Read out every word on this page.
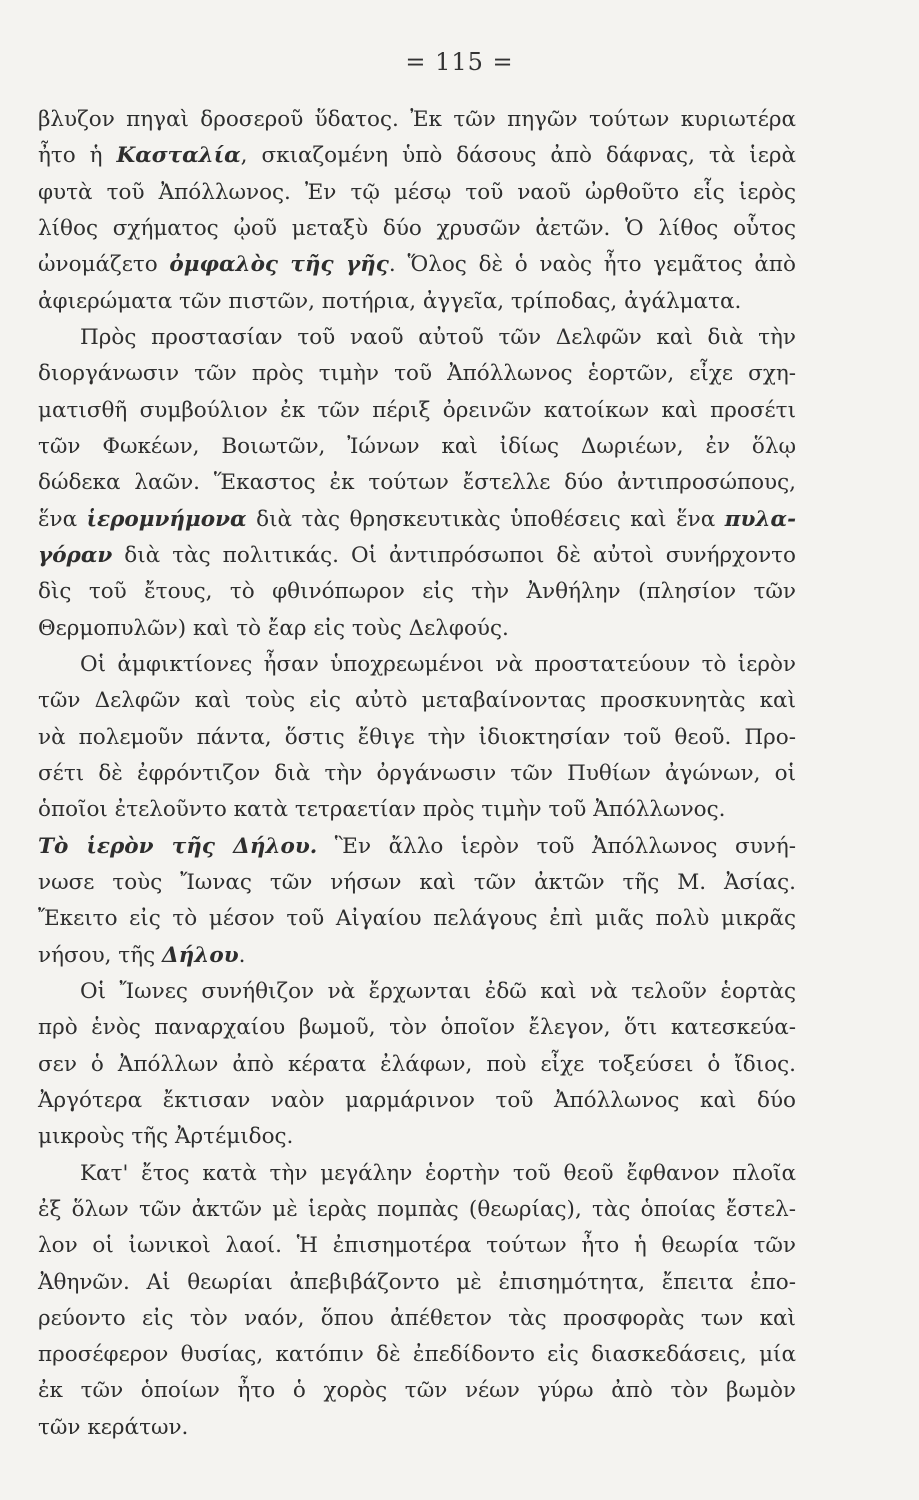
= 115 =
βλυζον πηγαὶ δροσεροῦ ὕδατος. Ἐκ τῶν πηγῶν τούτων κυριωτέρα
ἦτο ἡ Κασταλία, σκιαζομένη ὑπὸ δάσους ἀπὸ δάφνας, τὰ ἱερὰ
φυτὰ τοῦ Ἀπόλλωνος. Ἐν τῷ μέσῳ τοῦ ναοῦ ὠρθοῦτο εἷς ἱερὸς
λίθος σχήματος ᾠοῦ μεταξὺ δύο χρυσῶν ἀετῶν. Ὁ λίθος οὗτος
ὠνομάζετο ὀμφαλὸς τῆς γῆς. Ὅλος δὲ ὁ ναὸς ἦτο γεμᾶτος ἀπὸ
ἀφιερώματα τῶν πιστῶν, ποτήρια, ἀγγεῖα, τρίποδας, ἀγάλματα.
Πρὸς προστασίαν τοῦ ναοῦ αὐτοῦ τῶν Δελφῶν καὶ διὰ τὴν
διοργάνωσιν τῶν πρὸς τιμὴν τοῦ Ἀπόλλωνος ἑορτῶν, εἶχε σχη-
ματισθῆ συμβούλιον ἐκ τῶν πέριξ ὀρεινῶν κατοίκων καὶ προσέτι
τῶν Φωκέων, Βοιωτῶν, Ἰώνων καὶ ἰδίως Δωριέων, ἐν ὅλῳ
δώδεκα λαῶν. Ἕκαστος ἐκ τούτων ἔστελλε δύο ἀντιπροσώπους,
ἕνα ἱερομνήμονα διὰ τὰς θρησκευτικὰς ὑποθέσεις καὶ ἕνα πυλα-
γόραν διὰ τὰς πολιτικάς. Οἱ ἀντιπρόσωποι δὲ αὐτοὶ συνήρχοντο
δὶς τοῦ ἔτους, τὸ φθινόπωρον εἰς τὴν Ἀνθήλην (πλησίον τῶν
Θερμοπυλῶν) καὶ τὸ ἔαρ εἰς τοὺς Δελφούς.
Οἱ ἀμφικτίονες ἦσαν ὑποχρεωμένοι νὰ προστατεύουν τὸ ἱερὸν
τῶν Δελφῶν καὶ τοὺς εἰς αὐτὸ μεταβαίνοντας προσκυνητὰς καὶ
νὰ πολεμοῦν πάντα, ὅστις ἔθιγε τὴν ἰδιοκτησίαν τοῦ θεοῦ. Προ-
σέτι δὲ ἐφρόντιζον διὰ τὴν ὀργάνωσιν τῶν Πυθίων ἀγώνων, οἱ
ὁποῖοι ἐτελοῦντο κατὰ τετραετίαν πρὸς τιμὴν τοῦ Ἀπόλλωνος.
Τὸ ἱερὸν τῆς Δήλου. Ἓν ἄλλο ἱερὸν τοῦ Ἀπόλλωνος συνή-
νωσε τοὺς Ἴωνας τῶν νήσων καὶ τῶν ἀκτῶν τῆς Μ. Ἀσίας.
Ἔκειτο εἰς τὸ μέσον τοῦ Αἰγαίου πελάγους ἐπὶ μιᾶς πολὺ μικρᾶς
νήσου, τῆς Δήλου.
Οἱ Ἴωνες συνήθιζον νὰ ἔρχωνται ἐδῶ καὶ νὰ τελοῦν ἑορτὰς
πρὸ ἑνὸς παναρχαίου βωμοῦ, τὸν ὁποῖον ἔλεγον, ὅτι κατεσκεύα-
σεν ὁ Ἀπόλλων ἀπὸ κέρατα ἐλάφων, ποὺ εἶχε τοξεύσει ὁ ἴδιος.
Ἀργότερα ἔκτισαν ναὸν μαρμάρινον τοῦ Ἀπόλλωνος καὶ δύο
μικροὺς τῆς Ἀρτέμιδος.
Κατ' ἔτος κατὰ τὴν μεγάλην ἑορτὴν τοῦ θεοῦ ἔφθανον πλοῖα
ἐξ ὅλων τῶν ἀκτῶν μὲ ἱερὰς πομπὰς (θεωρίας), τὰς ὁποίας ἔστελ-
λον οἱ ἰωνικοὶ λαοί. Ἡ ἐπισημοτέρα τούτων ἦτο ἡ θεωρία τῶν
Ἀθηνῶν. Αἱ θεωρίαι ἀπεβιβάζοντο μὲ ἐπισημότητα, ἔπειτα ἐπο-
ρεύοντο εἰς τὸν ναόν, ὅπου ἀπέθετον τὰς προσφορὰς των καὶ
προσέφερον θυσίας, κατόπιν δὲ ἐπεδίδοντο εἰς διασκεδάσεις, μία
ἐκ τῶν ὁποίων ἦτο ὁ χορὸς τῶν νέων γύρω ἀπὸ τὸν βωμὸν
τῶν κεράτων.
